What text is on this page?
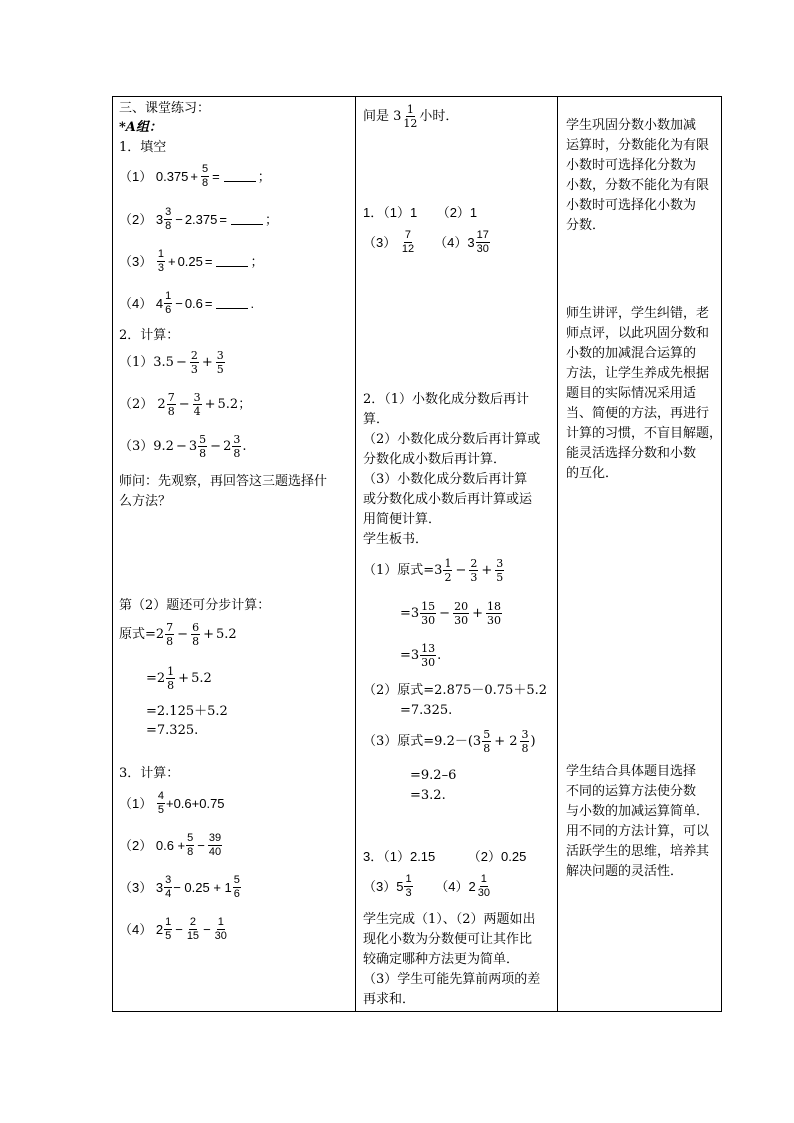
三、课堂练习：
*A组：
1．填空
（1）
$0.375 + \frac{5}{8}$ =	；
（2）
3 3
8 − 2.375 =	；
（3）
1
3 + 0.25 =	；
（4）
4 1
6 − 0.6 =	.
2．计算：
（1） $3.5 - \frac{2}{3} + \frac{3}{5}$
（2）
2 7
$8 - \frac{3}{4} + 5.2$ ；
（3） 9.2 − 3 5
8 − 2 3
8 .
师问：先观察，再回答这三题选择什
么方法？
第（2）题还可分步计算：
原式=2 7
$8 - \frac{6}{8} + 5.2$
=2 1
8 + 5.2
=2.125＋5.2
=7.325.
3．计算：
（1）
4
5 +0.6+0.75
（2）
$0.6 + \frac{5}{8} - \frac{39}{40}$
（3）
3 3
4 − 0.25 + 1 5
6
（4）
2 1
$5 - \frac{2}{15} - \frac{1}{30}$
间是 3 1
12 小时．
1．（1）1　　（2）1
（3）
7
12
（4）3 17
30
2．（1）小数化成分数后再计
算．
（2）小数化成分数后再计算或
分数化成小数后再计算．
（3）小数化成分数后再计算
或分数化成小数后再计算或运
用简便计算．
学生板书．
（1）原式=3 1
$2 - \frac{2}{3} + \frac{3}{5}$
=3 15
$30 - \frac{20}{30} + \frac{18}{30}$
=3 13
30 .
（2）原式=2.875－0.75＋5.2
=7.325.
（3）原式=9.2－(3 5
8 + 2 3
8 )
=9.2–6
=3.2.
3．（1）2.15　　　（2）0.25
（3）5 1
3
（4）2 1
30
学生完成（1）、（2）两题如出
现化小数为分数便可让其作比
较确定哪种方法更为简单．
（3）学生可能先算前两项的差
再求和．
学生巩固分数小数加减
运算时，分数能化为有限
小数时可选择化分数为
小数，分数不能化为有限
小数时可选择化小数为
分数．
师生讲评，学生纠错，老
师点评，以此巩固分数和
小数的加减混合运算的
方法，让学生养成先根据
题目的实际情况采用适
当、简便的方法，再进行
计算的习惯，不盲目解题，
能灵活选择分数和小数
的互化．
学生结合具体题目选择
不同的运算方法使分数
与小数的加减运算简单．
用不同的方法计算，可以
活跃学生的思维，培养其
解决问题的灵活性．
